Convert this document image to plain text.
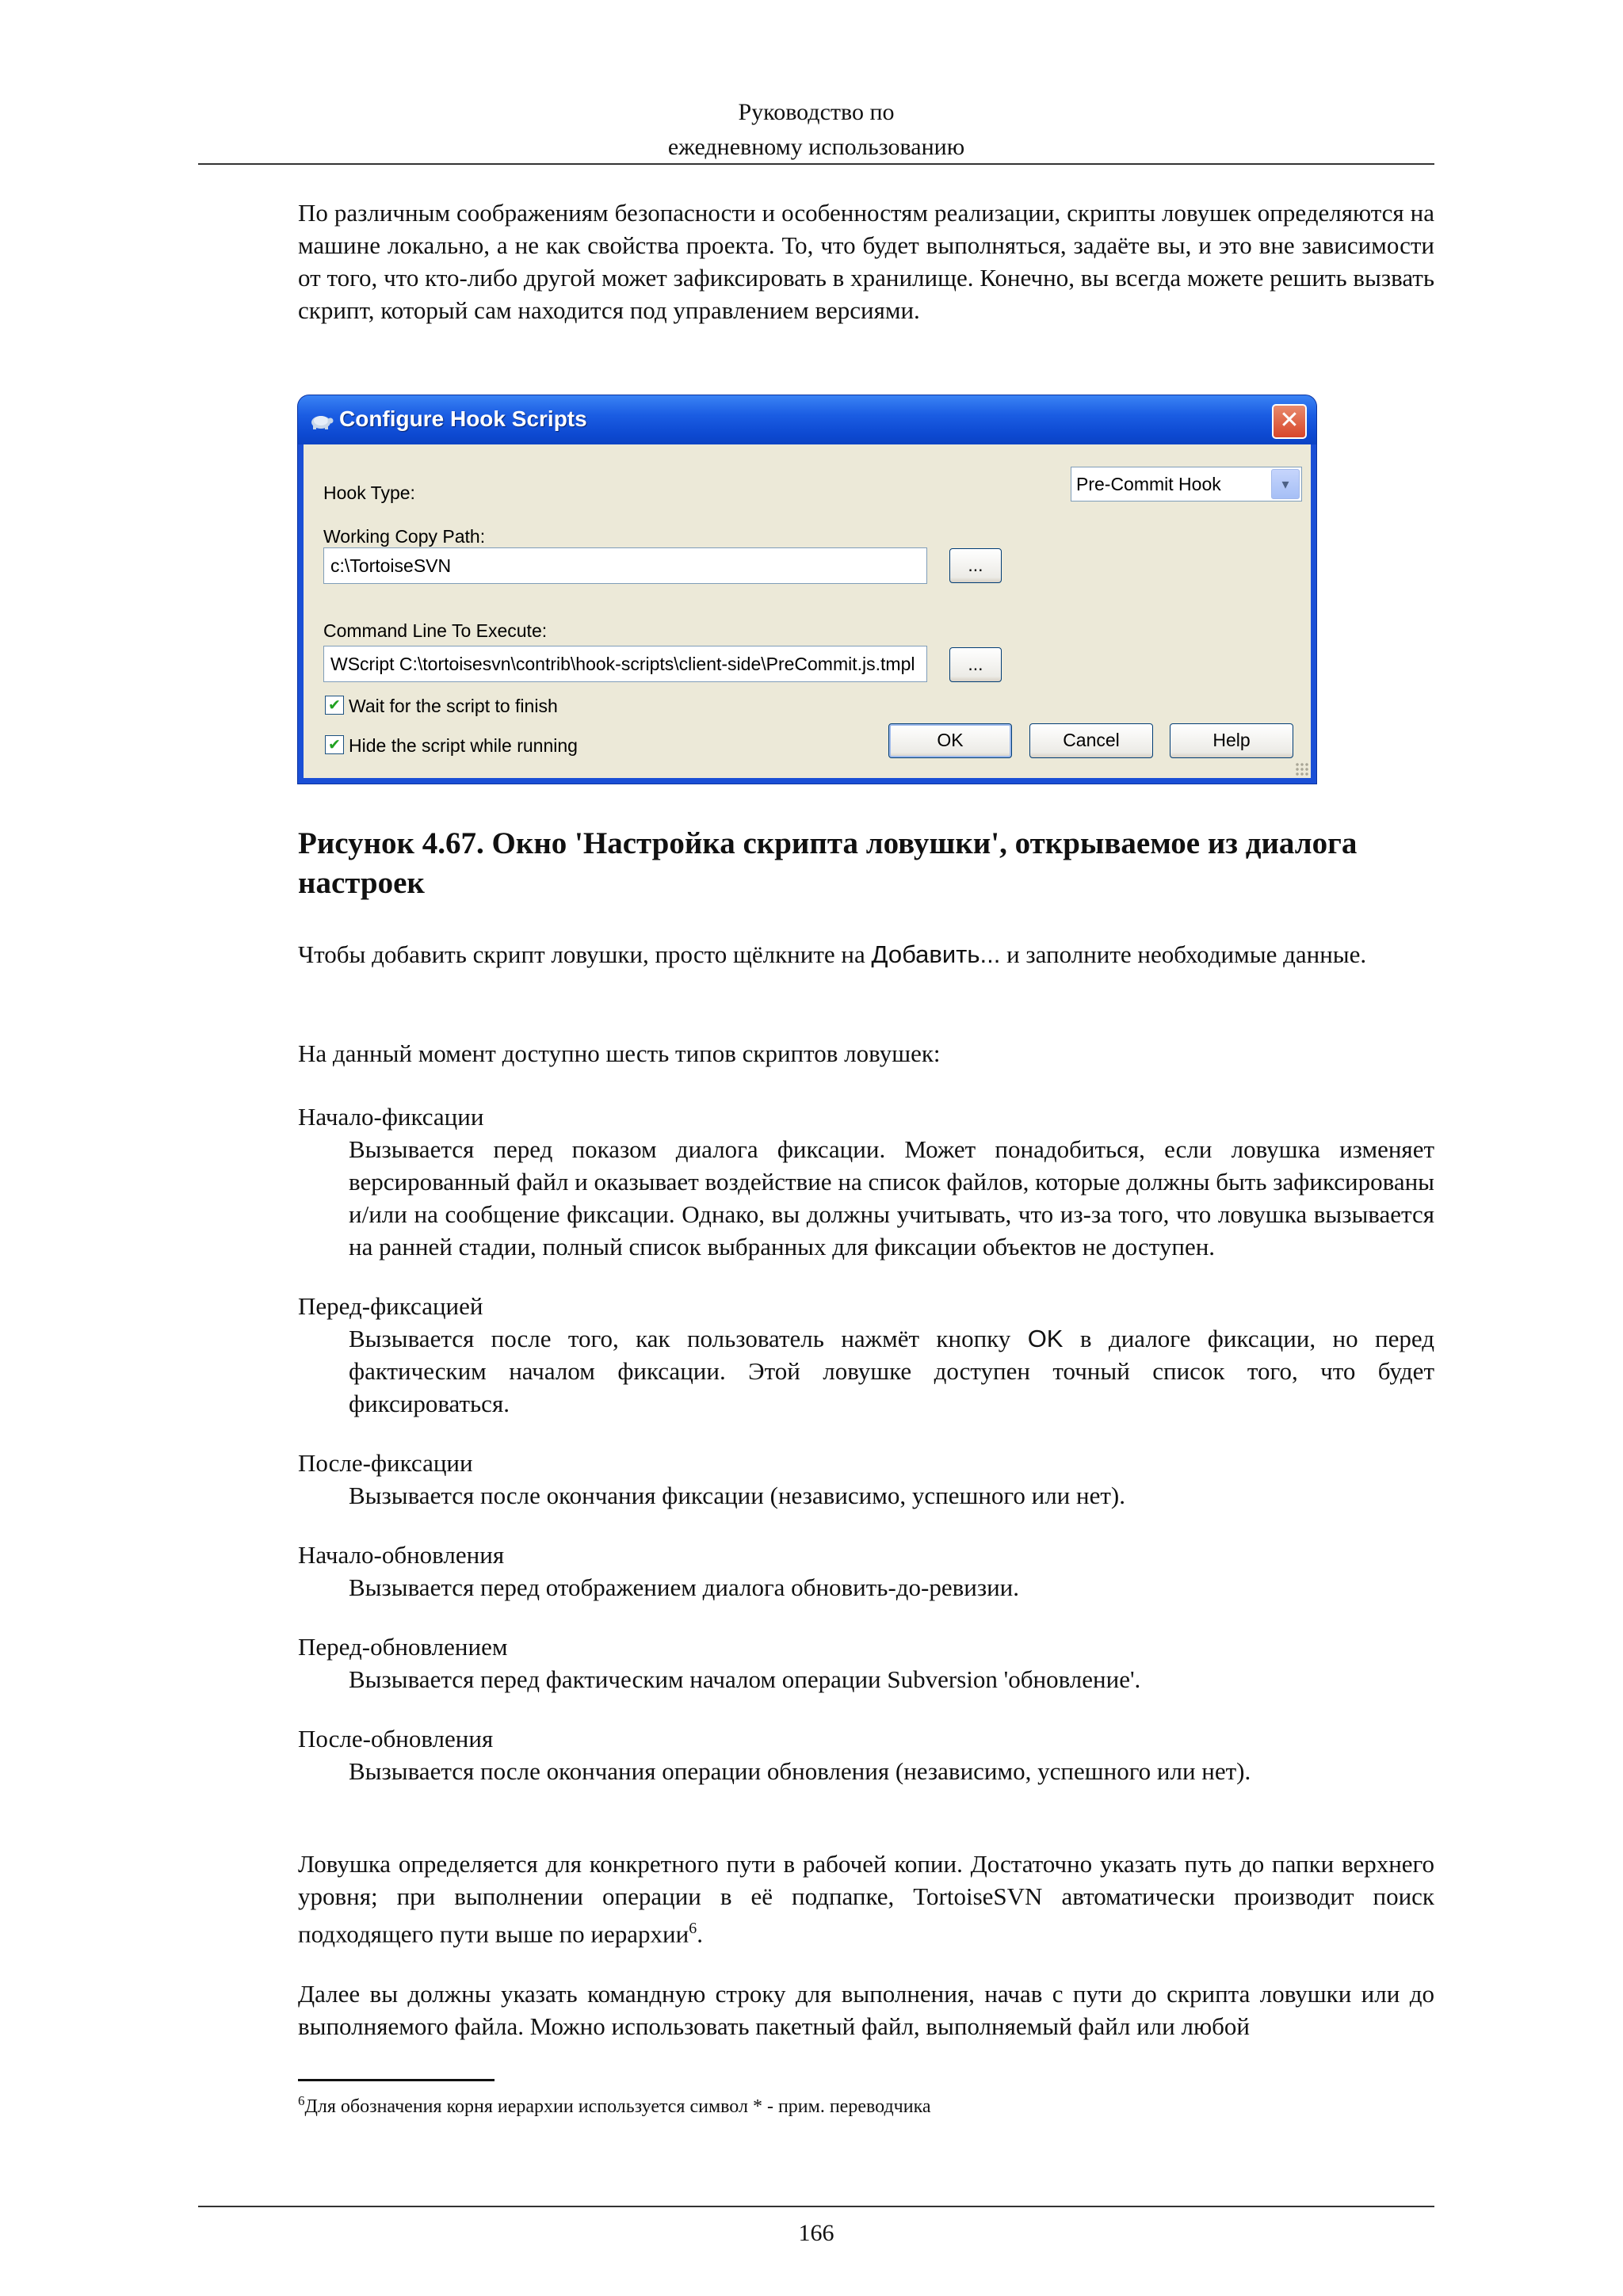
Руководство по
ежедневному использованию

По различным соображениям безопасности и особенностям реализации, скрипты ловушек определяются на машине локально, а не как свойства проекта. То, что будет выполняться, задаёте вы, и это вне зависимости от того, что кто-либо другой может зафиксировать в хранилище. Конечно, вы всегда можете решить вызвать скрипт, который сам находится под управлением версиями.

Configure Hook Scripts	✕
Hook Type:	Pre-Commit Hook	▾
Working Copy Path:
c:\TortoiseSVN	...
Command Line To Execute:
WScript C:\tortoisesvn\contrib\hook-scripts\client-side\PreCommit.js.tmpl	...
✔ Wait for the script to finish
✔ Hide the script while running	OK	Cancel	Help
Рисунок 4.67. Окно 'Настройка скрипта ловушки', открываемое из диалога настроек

Чтобы добавить скрипт ловушки, просто щёлкните на Добавить... и заполните необходимые данные.

На данный момент доступно шесть типов скриптов ловушек:

Начало-фиксации
Вызывается перед показом диалога фиксации. Может понадобиться, если ловушка изменяет версированный файл и оказывает воздействие на список файлов, которые должны быть зафиксированы и/или на сообщение фиксации. Однако, вы должны учитывать, что из-за того, что ловушка вызывается на ранней стадии, полный список выбранных для фиксации объектов не доступен.
Перед-фиксацией
Вызывается после того, как пользователь нажмёт кнопку OK в диалоге фиксации, но перед фактическим началом фиксации. Этой ловушке доступен точный список того, что будет фиксироваться.
После-фиксации
Вызывается после окончания фиксации (независимо, успешного или нет).
Начало-обновления
Вызывается перед отображением диалога обновить-до-ревизии.
Перед-обновлением
Вызывается перед фактическим началом операции Subversion 'обновление'.
После-обновления
Вызывается после окончания операции обновления (независимо, успешного или нет).

Ловушка определяется для конкретного пути в рабочей копии. Достаточно указать путь до папки верхнего уровня; при выполнении операции в её подпапке, TortoiseSVN автоматически производит поиск подходящего пути выше по иерархии$^6$.

Далее вы должны указать командную строку для выполнения, начав с пути до скрипта ловушки или до выполняемого файла. Можно использовать пакетный файл, выполняемый файл или любой

$^6$Для обозначения корня иерархии используется символ * - прим. переводчика
166
